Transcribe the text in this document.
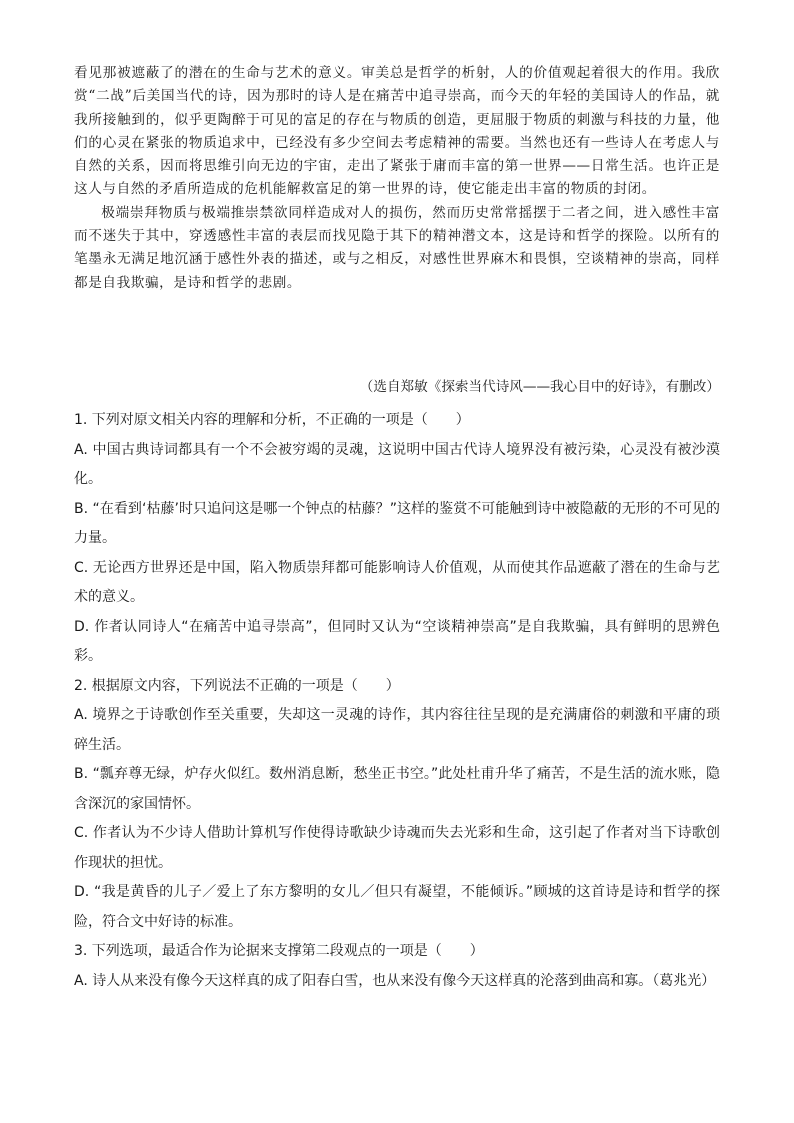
看见那被遮蔽了的潜在的生命与艺术的意义。审美总是哲学的析射，人的价值观起着很大的作用。我欣赏“二战”后美国当代的诗，因为那时的诗人是在痛苦中追寻崇高，而今天的年轻的美国诗人的作品，就我所接触到的，似乎更陶醉于可见的富足的存在与物质的创造，更屈服于物质的刺激与科技的力量，他们的心灵在紧张的物质追求中，已经没有多少空间去考虑精神的需要。当然也还有一些诗人在考虑人与自然的关系，因而将思维引向无边的宇宙，走出了紧张于庸而丰富的第一世界——日常生活。也许正是这人与自然的矛盾所造成的危机能解救富足的第一世界的诗，使它能走出丰富的物质的封闭。

极端崇拜物质与极端推崇禁欲同样造成对人的损伤，然而历史常常摇摆于二者之间，进入感性丰富而不迷失于其中，穿透感性丰富的表层而找见隐于其下的精神潜文本，这是诗和哲学的探险。以所有的笔墨永无满足地沉涵于感性外表的描述，或与之相反，对感性世界麻木和畏惧，空谈精神的崇高，同样都是自我欺骗，是诗和哲学的悲剧。

（选自郑敏《探索当代诗风——我心目中的好诗》，有删改）

1. 下列对原文相关内容的理解和分析，不正确的一项是（　　）

A. 中国古典诗词都具有一个不会被穷竭的灵魂，这说明中国古代诗人境界没有被污染，心灵没有被沙漠化。

B. “在看到‘枯藤’时只追问这是哪一个钟点的枯藤？”这样的鉴赏不可能触到诗中被隐蔽的无形的不可见的力量。

C. 无论西方世界还是中国，陷入物质崇拜都可能影响诗人价值观，从而使其作品遮蔽了潜在的生命与艺术的意义。

D. 作者认同诗人“在痛苦中追寻崇高”，但同时又认为“空谈精神崇高”是自我欺骗，具有鲜明的思辨色彩。

2. 根据原文内容，下列说法不正确的一项是（　　）

A. 境界之于诗歌创作至关重要，失却这一灵魂的诗作，其内容往往呈现的是充满庸俗的刺激和平庸的琐碎生活。

B. “瓢弃尊无绿，炉存火似红。数州消息断，愁坐正书空。”此处杜甫升华了痛苦，不是生活的流水账，隐含深沉的家国情怀。

C. 作者认为不少诗人借助计算机写作使得诗歌缺少诗魂而失去光彩和生命，这引起了作者对当下诗歌创作现状的担忧。

D. “我是黄昏的儿子／爱上了东方黎明的女儿／但只有凝望，不能倾诉。”顾城的这首诗是诗和哲学的探险，符合文中好诗的标准。

3. 下列选项，最适合作为论据来支撑第二段观点的一项是（　　）

A. 诗人从来没有像今天这样真的成了阳春白雪，也从来没有像今天这样真的沦落到曲高和寡。（葛兆光）
